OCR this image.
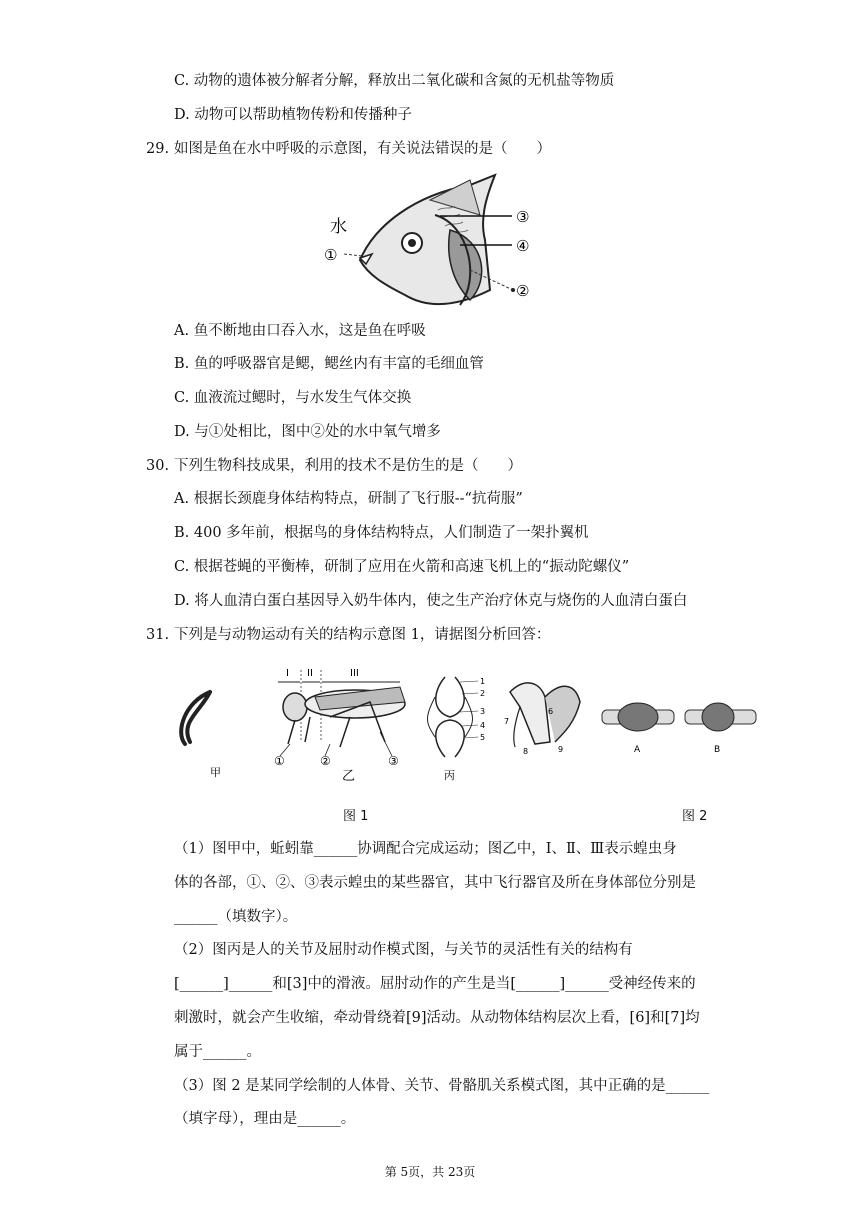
C. 动物的遗体被分解者分解，释放出二氧化碳和含氮的无机盐等物质
D. 动物可以帮助植物传粉和传播种子
29. 如图是鱼在水中呼吸的示意图，有关说法错误的是（　　）
水
①
②
③
④
A. 鱼不断地由口吞入水，这是鱼在呼吸
B. 鱼的呼吸器官是鳃，鳃丝内有丰富的毛细血管
C. 血液流过鳃时，与水发生气体交换
D. 与①处相比，图中②处的水中氧气增多
30. 下列生物科技成果，利用的技术不是仿生的是（　　）
A. 根据长颈鹿身体结构特点，研制了飞行服--“抗荷服”
B. 400 多年前，根据鸟的身体结构特点，人们制造了一架扑翼机
C. 根据苍蝇的平衡棒，研制了应用在火箭和高速飞机上的“振动陀螺仪”
D. 将人血清白蛋白基因导入奶牛体内，使之生产治疗休克与烧伤的人血清白蛋白
31. 下列是与动物运动有关的结构示意图 1，请据图分析回答：
甲
I II	III
①	②	③
乙
1
2
3
4
5
丙
6
7
8	9	A	B
图 1	图 2
（1）图甲中，蚯蚓靠______协调配合完成运动；图乙中，Ⅰ、Ⅱ、Ⅲ表示蝗虫身
体的各部，①、②、③表示蝗虫的某些器官，其中飞行器官及所在身体部位分别是
______（填数字）。
（2）图丙是人的关节及屈肘动作模式图，与关节的灵活性有关的结构有
[______]______和[3]中的滑液。屈肘动作的产生是当[______]______受神经传来的
刺激时，就会产生收缩，牵动骨绕着[9]活动。从动物体结构层次上看，[6]和[7]均
属于______。
（3）图 2 是某同学绘制的人体骨、关节、骨骼肌关系模式图，其中正确的是______
（填字母），理由是______。
第 5页，共 23页
